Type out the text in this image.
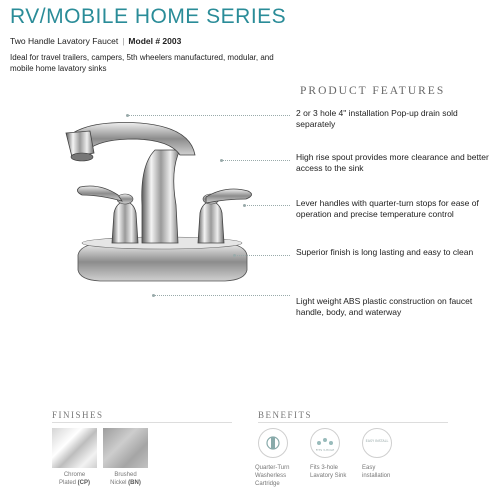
RV/MOBILE HOME SERIES
Two Handle Lavatory Faucet | Model # 2003
Ideal for travel trailers, campers, 5th wheelers manufactured, modular, and mobile home lavatory sinks
PRODUCT FEATURES
2 or 3 hole 4" installation Pop-up drain sold separately
High rise spout provides more clearance and better access to the sink
Lever handles with quarter-turn stops for ease of operation and precise temperature control
Superior finish is long lasting and easy to clean
Light weight ABS plastic construction on faucet handle, body, and waterway
FINISHES
Chrome
Plated (CP)
Brushed
Nickel (BN)
BENEFITS
FITS 3-HOLE
EASY INSTALL
Quarter-Turn Washerless Cartridge
Fits 3-hole Lavatory Sink
Easy installation
